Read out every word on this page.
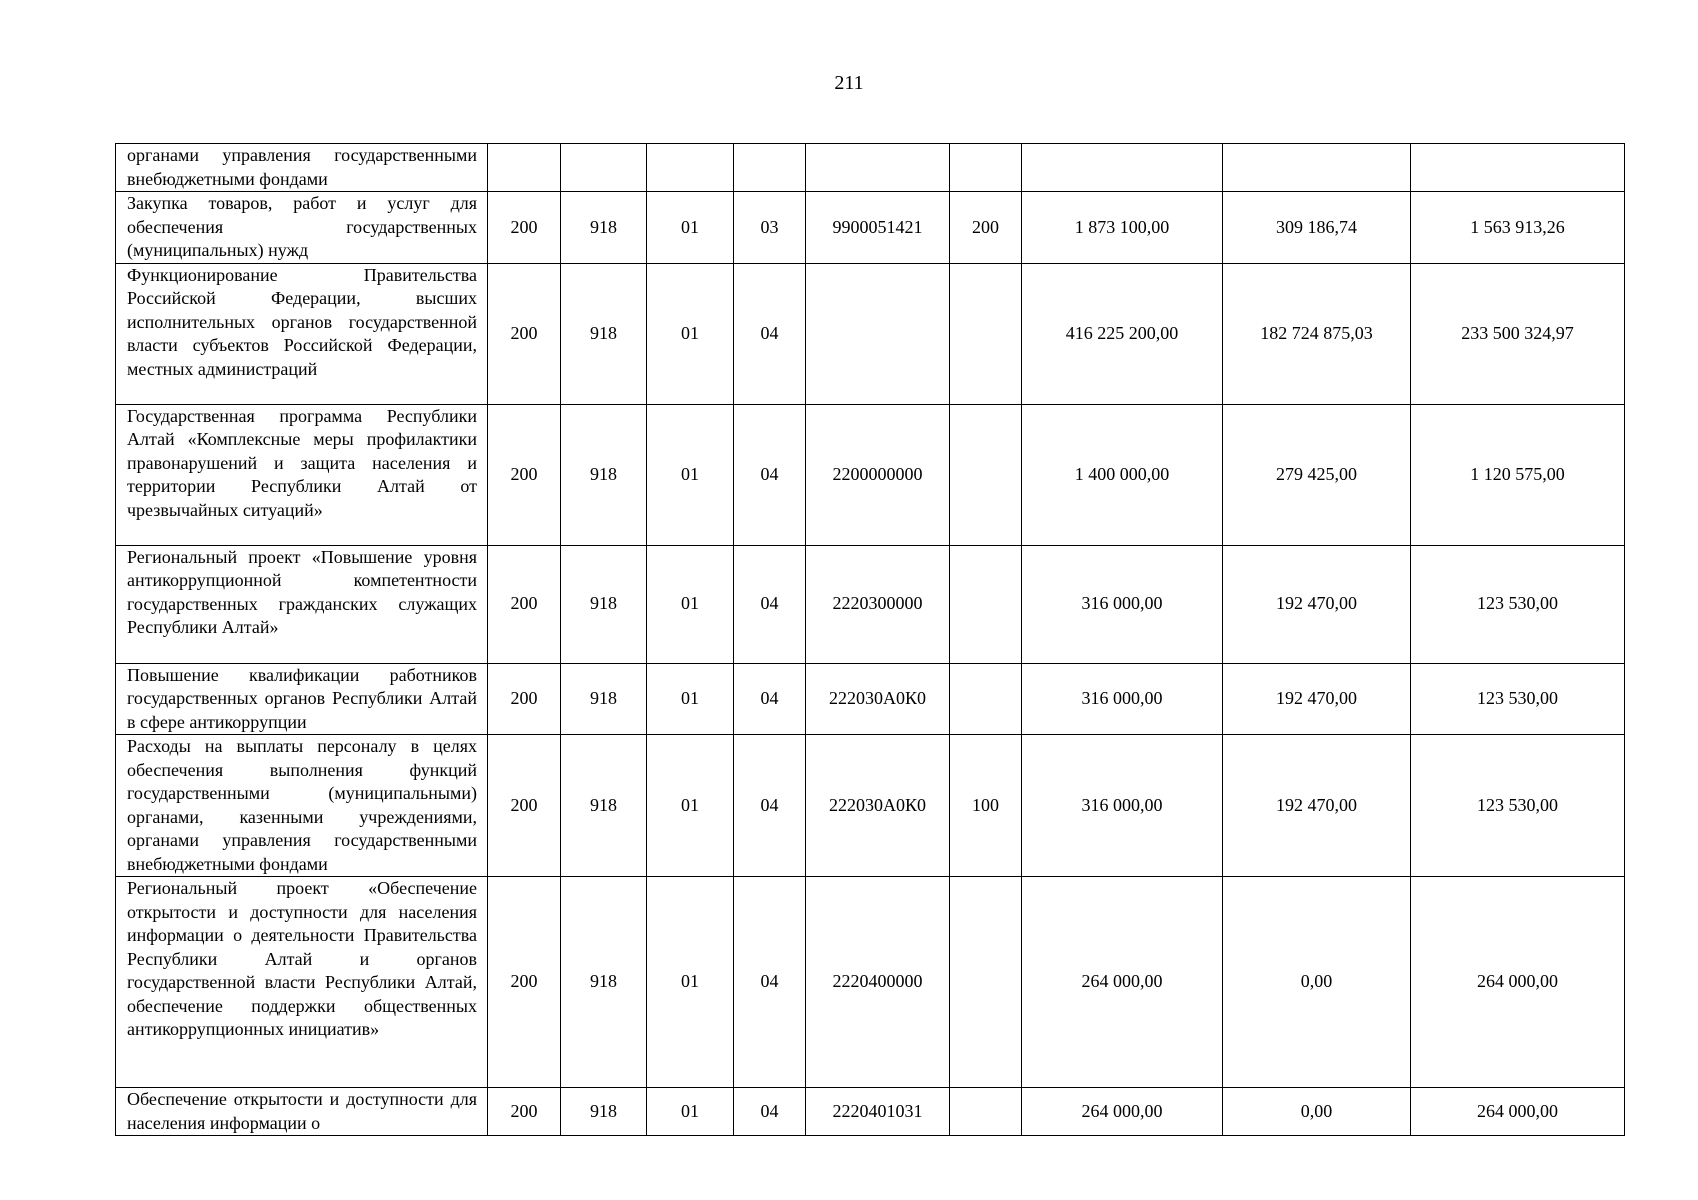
211
органами управления государственными внебюджетными фондами									
Закупка товаров, работ и услуг для обеспечения государственных (муниципальных) нужд	200	918	01	03	9900051421	200	1 873 100,00	309 186,74	1 563 913,26
Функционирование Правительства Российской Федерации, высших исполнительных органов государственной власти субъектов Российской Федерации, местных администраций	200	918	01	04			416 225 200,00	182 724 875,03	233 500 324,97
Государственная программа Республики Алтай «Комплексные меры профилактики правонарушений и защита населения и территории Республики Алтай от чрезвычайных ситуаций»	200	918	01	04	2200000000		1 400 000,00	279 425,00	1 120 575,00
Региональный проект «Повышение уровня антикоррупционной компетентности государственных гражданских служащих Республики Алтай»	200	918	01	04	2220300000		316 000,00	192 470,00	123 530,00
Повышение квалификации работников государственных органов Республики Алтай в сфере антикоррупции	200	918	01	04	222030А0К0		316 000,00	192 470,00	123 530,00
Расходы на выплаты персоналу в целях обеспечения выполнения функций государственными (муниципальными) органами, казенными учреждениями, органами управления государственными внебюджетными фондами	200	918	01	04	222030А0К0	100	316 000,00	192 470,00	123 530,00
Региональный проект «Обеспечение открытости и доступности для населения информации о деятельности Правительства Республики Алтай и органов государственной власти Республики Алтай, обеспечение поддержки общественных антикоррупционных инициатив»	200	918	01	04	2220400000		264 000,00	0,00	264 000,00
Обеспечение открытости и доступности для населения информации о	200	918	01	04	2220401031		264 000,00	0,00	264 000,00
